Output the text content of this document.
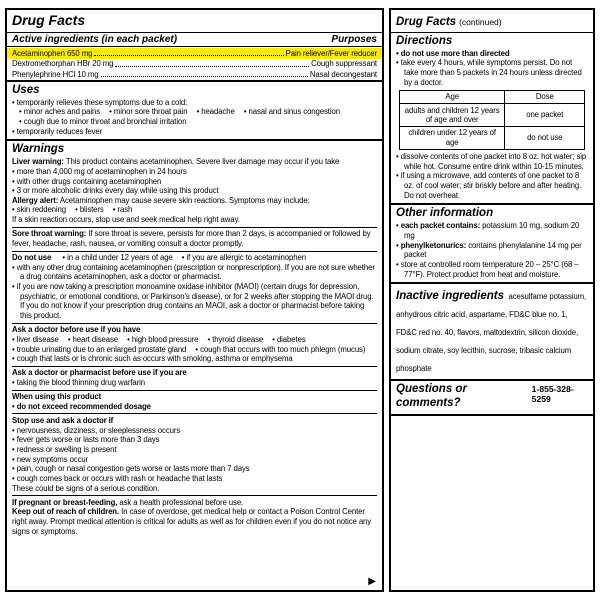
Drug Facts
Active ingredients (in each packet)	Purposes
Acetaminophen 650 mg	Pain reliever/Fever reducer
Dextromethorphan HBr 20 mg	Cough suppressant
Phenylephrine HCl 10 mg	Nasal decongestant
Uses
• temporarily relieves these symptoms due to a cold:
• minor aches and pains • minor sore throat pain • headache • nasal and sinus congestion
• cough due to minor throat and bronchial irritation
• temporarily reduces fever
Warnings
Liver warning: This product contains acetaminophen. Severe liver damage may occur if you take
• more than 4,000 mg of acetaminophen in 24 hours
• with other drugs containing acetaminophen
• 3 or more alcoholic drinks every day while using this product
Allergy alert: Acetaminophen may cause severe skin reactions. Symptoms may include:
• skin reddening • blisters • rash
If a skin reaction occurs, stop use and seek medical help right away.
Sore throat warning: If sore throat is severe, persists for more than 2 days, is accompanied or followed by fever, headache, rash, nausea, or vomiting consult a doctor promptly.
Do not use • in a child under 12 years of age • if you are allergic to acetaminophen
• with any other drug containing acetaminophen (prescription or nonprescription). If you are not sure whether a drug contains acetaminophen, ask a doctor or pharmacist.
• if you are now taking a prescription monoamine oxidase inhibitor (MAOI) (certain drugs for depression, psychiatric, or emotional conditions, or Parkinson's disease), or for 2 weeks after stopping the MAOI drug. If you do not know if your prescription drug contains an MAOI, ask a doctor or pharmacist before taking this product.
Ask a doctor before use if you have
• liver disease • heart disease • high blood pressure • thyroid disease • diabetes
• trouble urinating due to an enlarged prostate gland • cough that occurs with too much phlegm (mucus)
• cough that lasts or is chronic such as occurs with smoking, asthma or emphysema
Ask a doctor or pharmacist before use if you are
• taking the blood thinning drug warfarin
When using this product
• do not exceed recommended dosage
Stop use and ask a doctor if
• nervousness, dizziness, or sleeplessness occurs
• fever gets worse or lasts more than 3 days
• redness or swelling is present
• new symptoms occur
• pain, cough or nasal congestion gets worse or lasts more than 7 days
• cough comes back or occurs with rash or headache that lasts
These could be signs of a serious condition.
If pregnant or breast-feeding, ask a health professional before use.
Keep out of reach of children. In case of overdose, get medical help or contact a Poison Control Center right away. Prompt medical attention is critical for adults as well as for children even if you do not notice any signs or symptoms.
▶
Drug Facts (continued)
Directions
• do not use more than directed
• take every 4 hours, while symptoms persist. Do not take more than 5 packets in 24 hours unless directed by a doctor.
Age	Dose
adults and children 12 years of age and over	one packet
children under 12 years of age	do not use
• dissolve contents of one packet into 8 oz. hot water; sip while hot. Consume entire drink within 10-15 minutes.
• if using a microwave, add contents of one packet to 8 oz. of cool water; stir briskly before and after heating. Do not overheat.
Other information
• each packet contains: potassium 10 mg, sodium 20 mg
• phenylketonurics: contains phenylalanine 14 mg per packet
• store at controlled room temperature 20 – 25°C (68 – 77°F). Protect product from heat and moisture.
Inactive ingredients acesulfame potassium, anhydrous citric acid, aspartame, FD&C blue no. 1, FD&C red no. 40, flavors, maltodextrin, silicon dioxide, sodium citrate, soy lecithin, sucrose, tribasic calcium phosphate
Questions or comments?
1-855-328-5259
